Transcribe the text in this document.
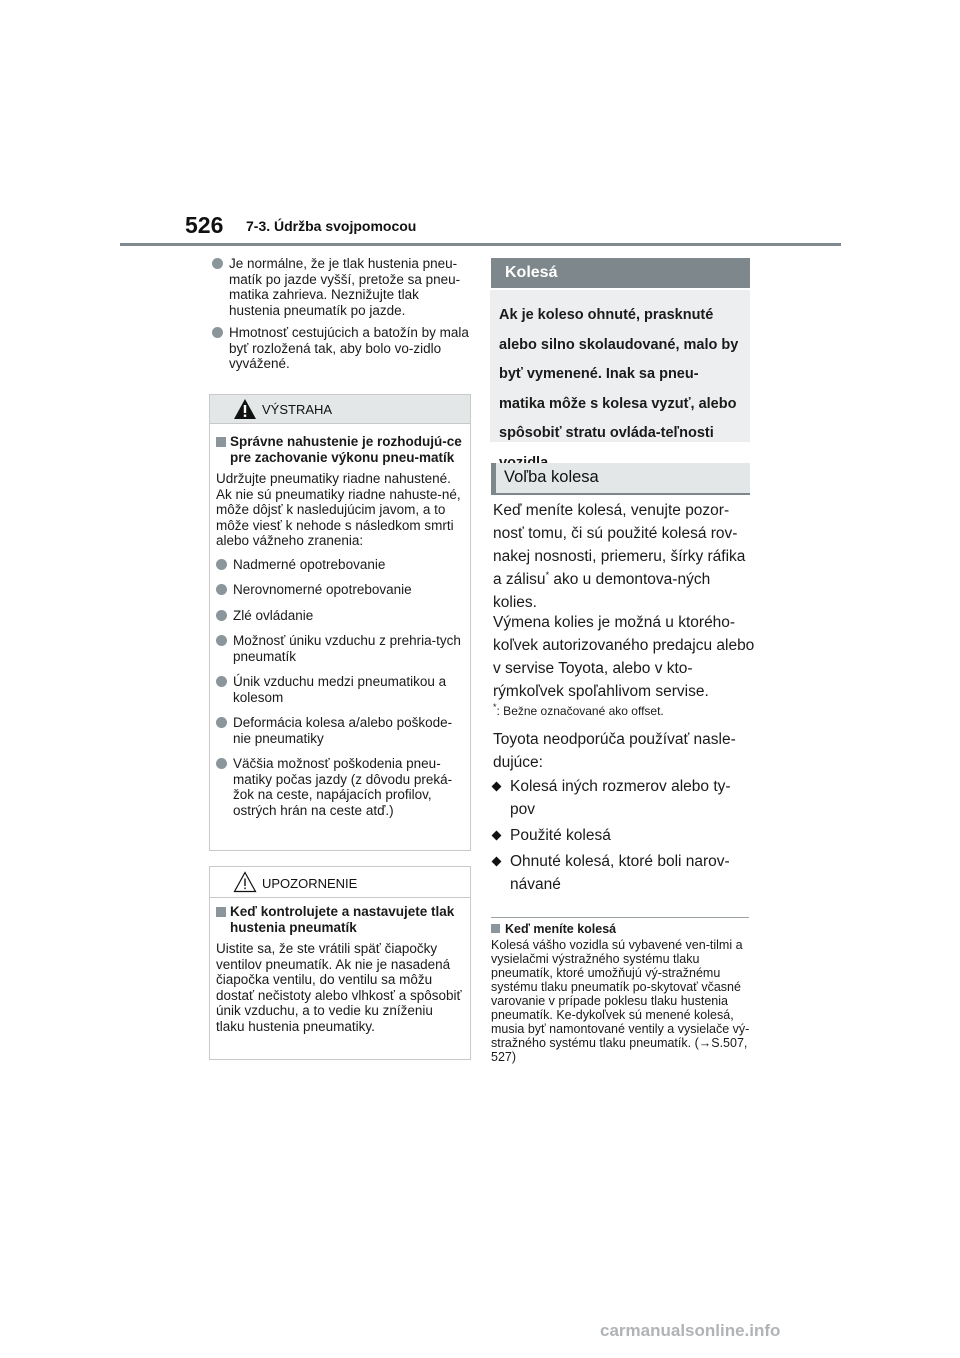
526 7-3. Údržba svojpomocou

Je normálne, že je tlak hustenia pneu-matík po jazde vyšší, pretože sa pneu-matika zahrieva. Neznižujte tlak hustenia pneumatík po jazde.

Hmotnosť cestujúcich a batožín by mala byť rozložená tak, aby bolo vo-zidlo vyvážené.

VÝSTRAHA
Správne nahustenie je rozhodujú-ce pre zachovanie výkonu pneu-matík
Udržujte pneumatiky riadne nahustené. Ak nie sú pneumatiky riadne nahuste-né, môže dôjsť k nasledujúcim javom, a to môže viesť k nehode s následkom smrti alebo vážneho zranenia:

Nadmerné opotrebovanie

Nerovnomerné opotrebovanie

Zlé ovládanie

Možnosť úniku vzduchu z prehria-tych pneumatík

Únik vzduchu medzi pneumatikou a kolesom

Deformácia kolesa a/alebo poškode-nie pneumatiky

Väčšia možnosť poškodenia pneu-matiky počas jazdy (z dôvodu preká-žok na ceste, napájacích profilov, ostrých hrán na ceste atď.)

UPOZORNENIE
Keď kontrolujete a nastavujete tlak hustenia pneumatík
Uistite sa, že ste vrátili späť čiapočky ventilov pneumatík. Ak nie je nasadená čiapočka ventilu, do ventilu sa môžu dostať nečistoty alebo vlhkosť a spôsobiť únik vzduchu, a to vedie ku zníženiu tlaku hustenia pneumatiky.
Kolesá

Ak je koleso ohnuté, prasknuté alebo silno skolaudované, malo by byť vymenené. Inak sa pneu-matika môže s kolesa vyzuť, alebo spôsobiť stratu ovláda-teľnosti

Voľba kolesa
Keď meníte kolesá, venujte pozor-nosť tomu, či sú použité kolesá rov-nakej nosnosti, priemeru, šírky ráfika a zálisu* ako u demontova-ných kolies.
Výmena kolies je možná u ktorého-koľvek autorizovaného predajcu alebo v servise Toyota, alebo v kto-rýmkoľvek spoľahlivom servise.
*: Bežne označované ako offset.
Toyota neodporúča používať nasle-dujúce:
Kolesá iných rozmerov alebo ty-pov
Použité kolesá
Ohnuté kolesá, ktoré boli narov-návané
Keď meníte kolesá
Kolesá vášho vozidla sú vybavené ven-tilmi a vysielačmi výstražného systému tlaku pneumatík, ktoré umožňujú vý-stražnému systému tlaku pneumatík po-skytovať včasné varovanie v prípade poklesu tlaku hustenia pneumatík. Ke-dykoľvek sú menené kolesá, musia byť namontované ventily a vysielače vý-stražného systému tlaku pneumatík. (→S.507, 527)
carmanualsonline.info
